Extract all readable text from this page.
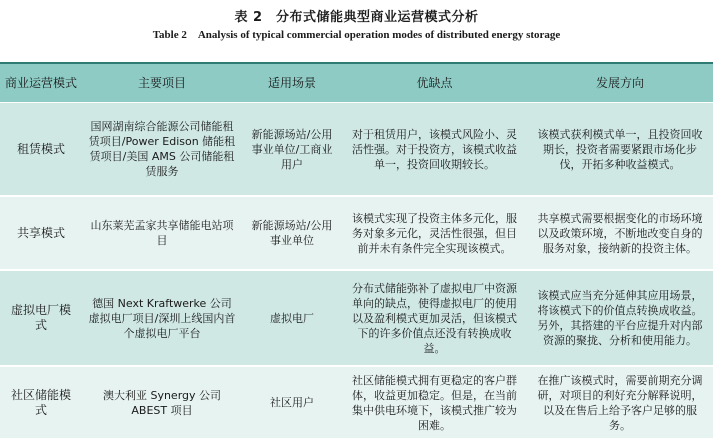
表 2　分布式储能典型商业运营模式分析
Table 2　Analysis of typical commercial operation modes of distributed energy storage
商业运营模式	主要项目	适用场景	优缺点	发展方向
租赁模式	国网湖南综合能源公司储能租赁项目/Power Edison 储能租赁项目/美国 AMS 公司储能租赁服务	新能源场站/公用事业单位/工商业用户	对于租赁用户，该模式风险小、灵活性强。对于投资方，该模式收益单一，投资回收期较长。	该模式获利模式单一，且投资回收期长，投资者需要紧跟市场化步伐，开拓多种收益模式。
共享模式	山东莱芜孟家共享储能电站项目	新能源场站/公用事业单位	该模式实现了投资主体多元化，服务对象多元化，灵活性很强，但目前并未有条件完全实现该模式。	共享模式需要根据变化的市场环境以及政策环境，不断地改变自身的服务对象，接纳新的投资主体。
虚拟电厂模式	德国 Next Kraftwerke 公司虚拟电厂项目/深圳上线国内首个虚拟电厂平台	虚拟电厂	分布式储能弥补了虚拟电厂中资源单向的缺点，使得虚拟电厂的使用以及盈利模式更加灵活，但该模式下的许多价值点还没有转换成收益。	该模式应当充分延伸其应用场景，将该模式下的价值点转换成收益。另外，其搭建的平台应提升对内部资源的聚拢、分析和使用能力。
社区储能模式	澳大利亚 Synergy 公司 ABEST 项目	社区用户	社区储能模式拥有更稳定的客户群体，收益更加稳定。但是，在当前集中供电环境下，该模式推广较为困难。	在推广该模式时，需要前期充分调研，对项目的利好充分解释说明，以及在售后上给予客户足够的服务。
